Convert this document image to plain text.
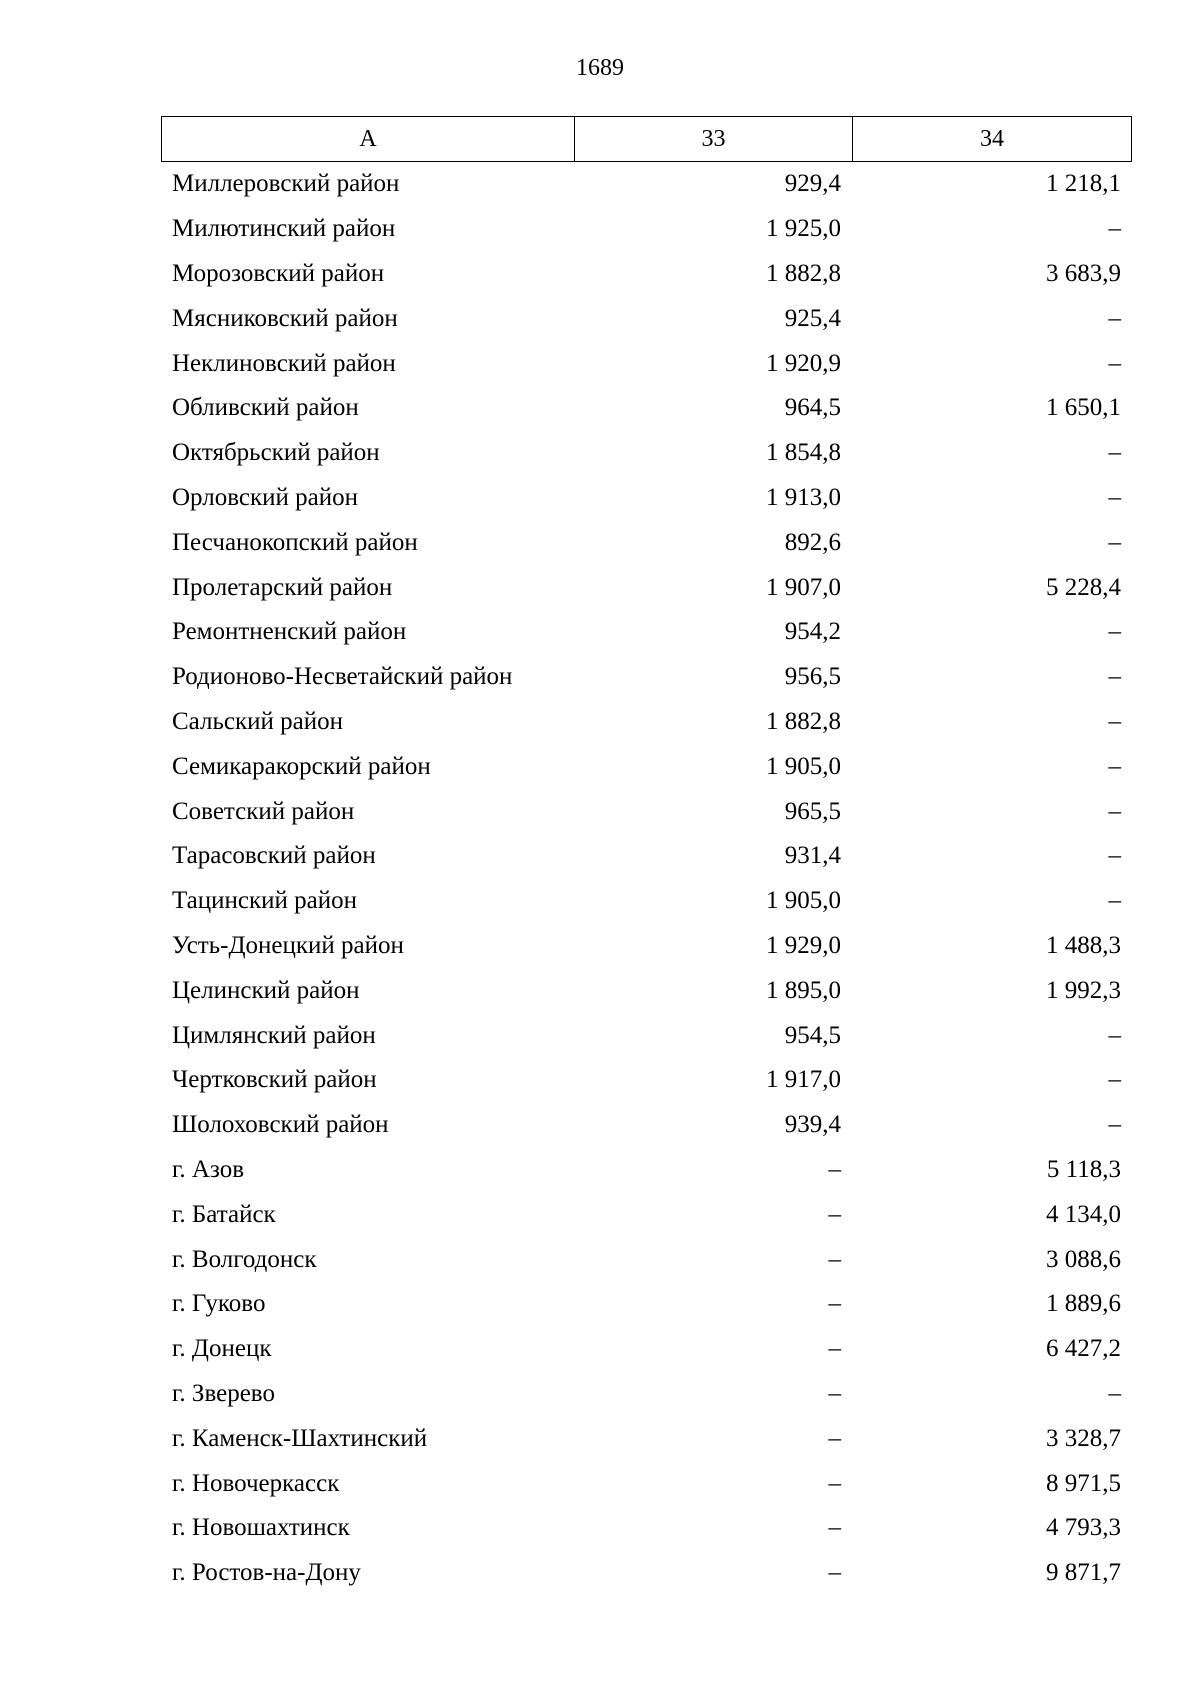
1689
А	33	34
Миллеровский район	929,4	1 218,1
Милютинский район	1 925,0	–
Морозовский район	1 882,8	3 683,9
Мясниковский район	925,4	–
Неклиновский район	1 920,9	–
Обливский район	964,5	1 650,1
Октябрьский район	1 854,8	–
Орловский район	1 913,0	–
Песчанокопский район	892,6	–
Пролетарский район	1 907,0	5 228,4
Ремонтненский район	954,2	–
Родионово-Несветайский район	956,5	–
Сальский район	1 882,8	–
Семикаракорский район	1 905,0	–
Советский район	965,5	–
Тарасовский район	931,4	–
Тацинский район	1 905,0	–
Усть-Донецкий район	1 929,0	1 488,3
Целинский район	1 895,0	1 992,3
Цимлянский район	954,5	–
Чертковский район	1 917,0	–
Шолоховский район	939,4	–
г. Азов	–	5 118,3
г. Батайск	–	4 134,0
г. Волгодонск	–	3 088,6
г. Гуково	–	1 889,6
г. Донецк	–	6 427,2
г. Зверево	–	–
г. Каменск-Шахтинский	–	3 328,7
г. Новочеркасск	–	8 971,5
г. Новошахтинск	–	4 793,3
г. Ростов-на-Дону	–	9 871,7
